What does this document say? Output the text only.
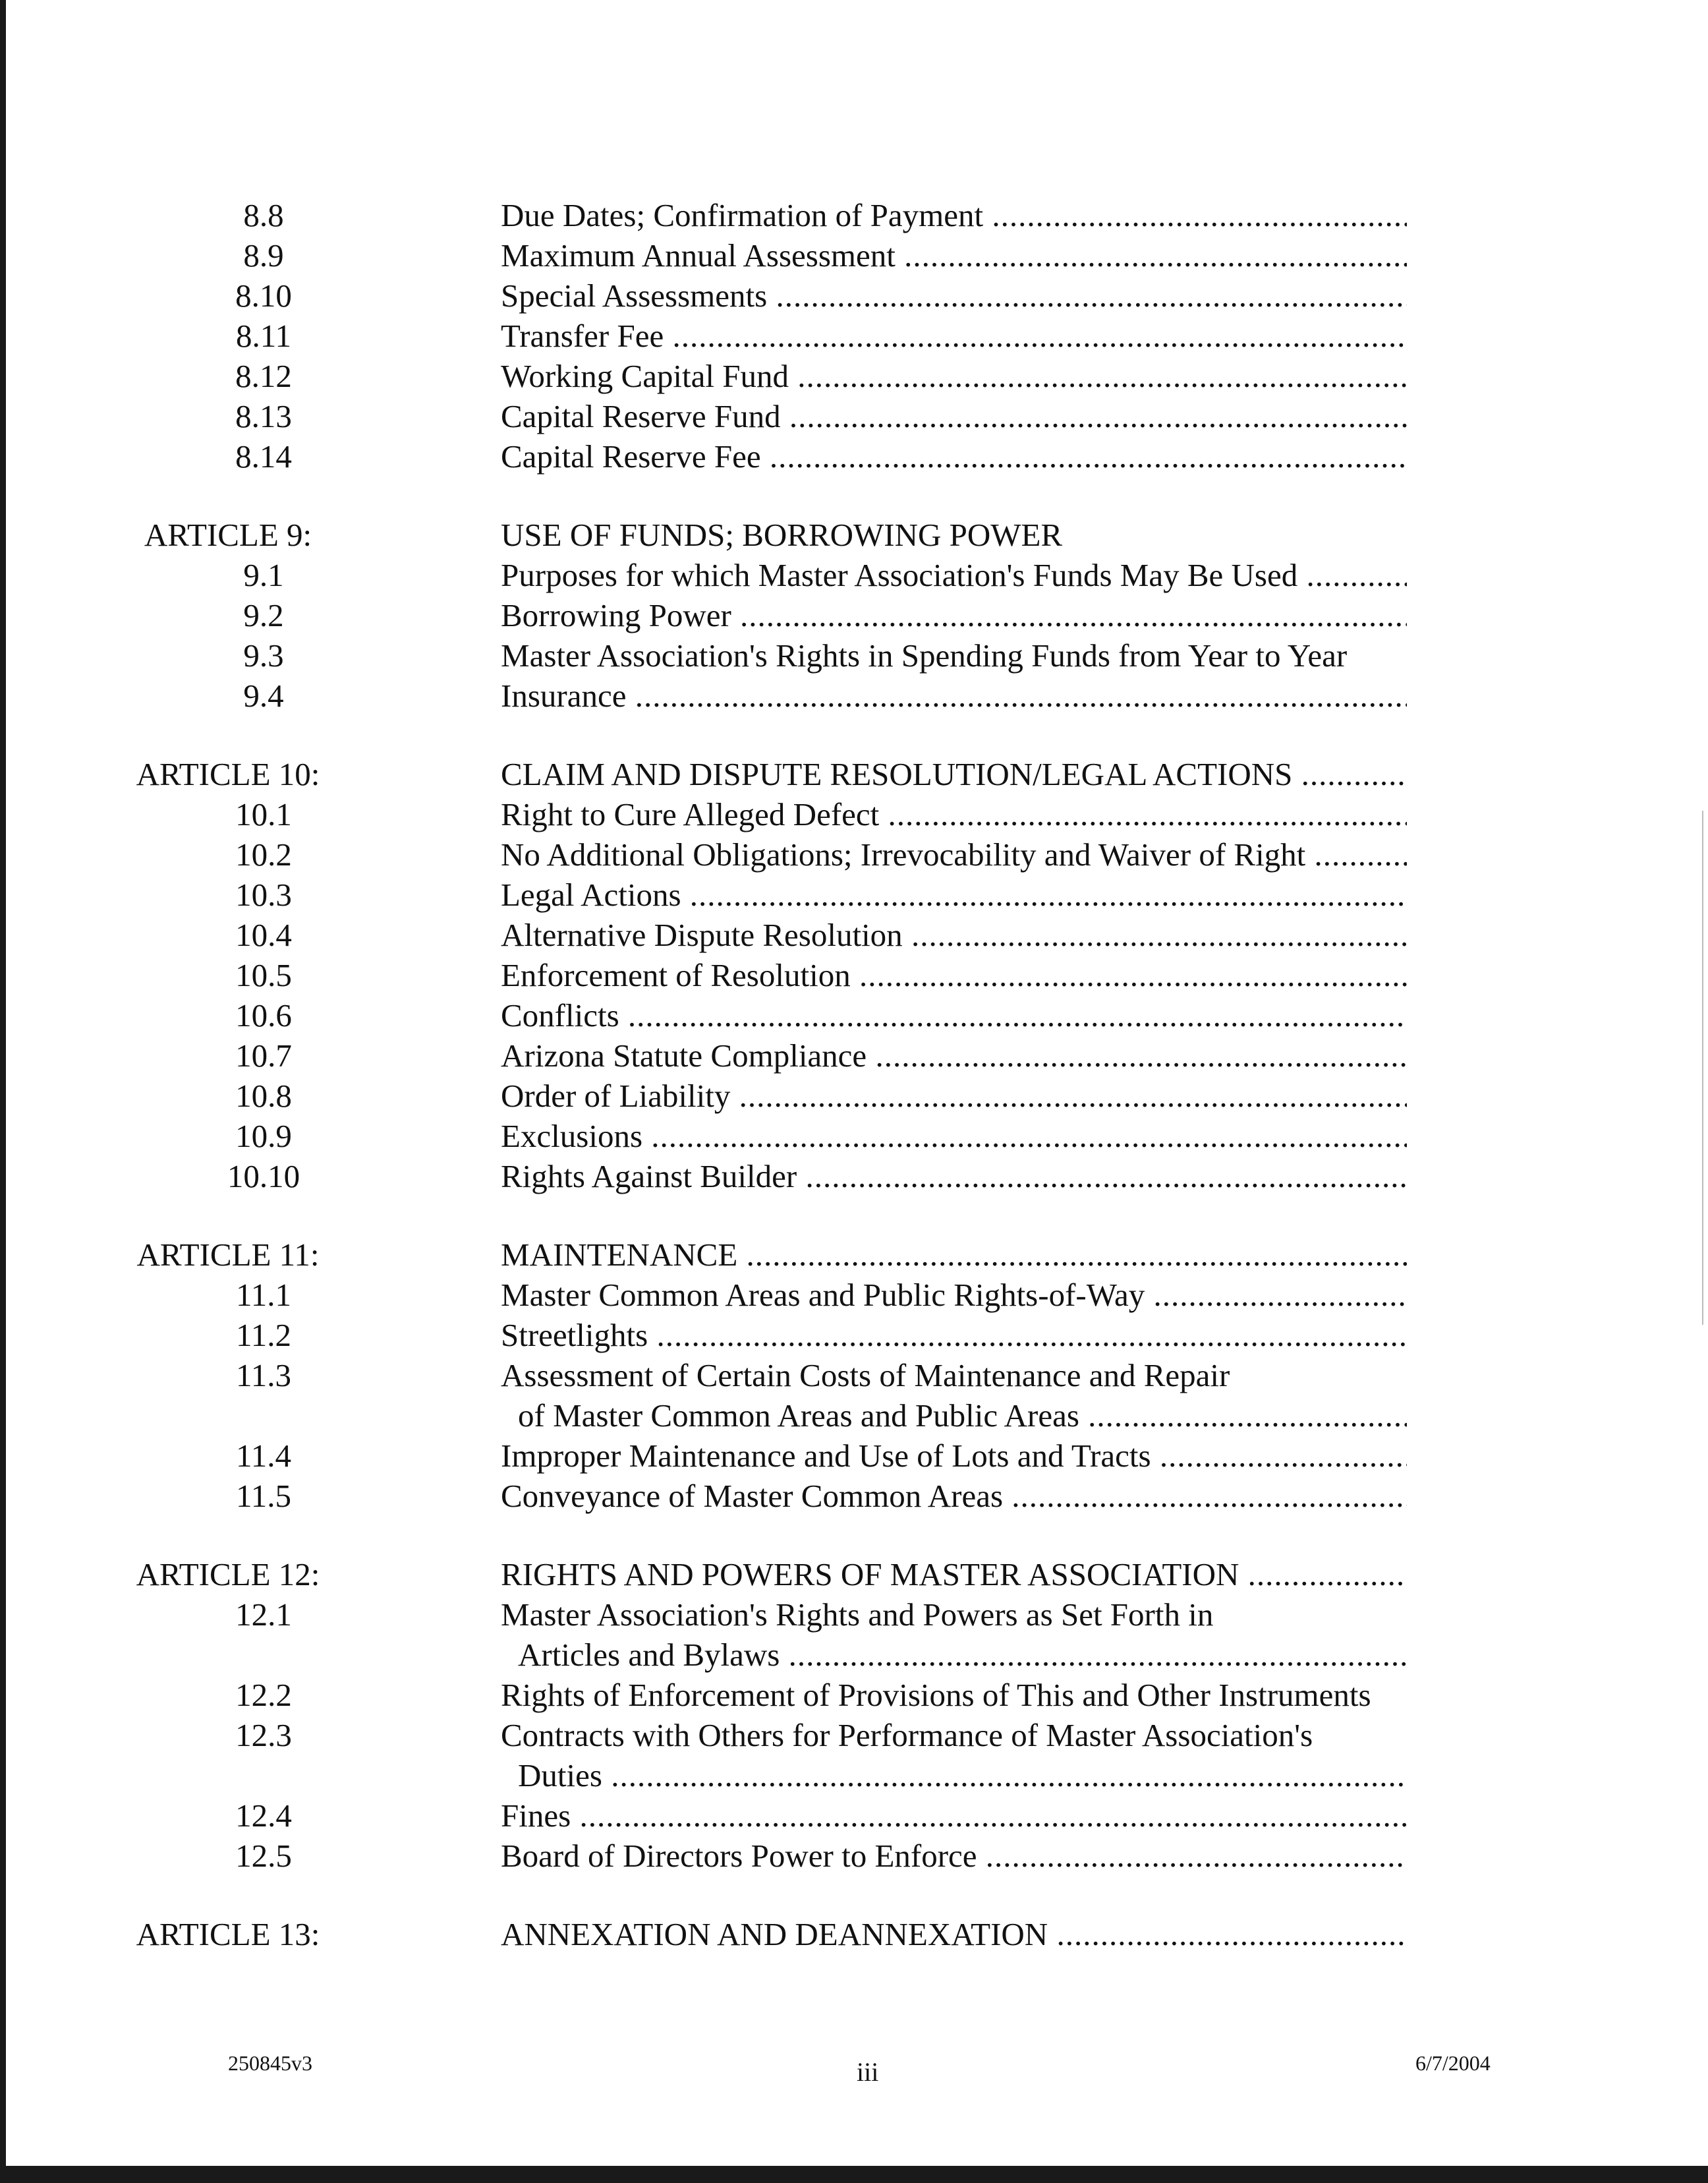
8.8	Due Dates; Confirmation of Payment .....
8.9	Maximum Annual Assessment .....
8.10	Special Assessments .....
8.11	Transfer Fee .....
8.12	Working Capital Fund .....
8.13	Capital Reserve Fund .....
8.14	Capital Reserve Fee .....
ARTICLE 9:	USE OF FUNDS; BORROWING POWER
9.1	Purposes for which Master Association's Funds May Be Used .....
9.2	Borrowing Power .....
9.3	Master Association's Rights in Spending Funds from Year to Year
9.4	Insurance .....
ARTICLE 10:	CLAIM AND DISPUTE RESOLUTION/LEGAL ACTIONS .....
10.1	Right to Cure Alleged Defect .....
10.2	No Additional Obligations; Irrevocability and Waiver of Right .....
10.3	Legal Actions .....
10.4	Alternative Dispute Resolution .....
10.5	Enforcement of Resolution .....
10.6	Conflicts .....
10.7	Arizona Statute Compliance .....
10.8	Order of Liability .....
10.9	Exclusions .....
10.10	Rights Against Builder .....
ARTICLE 11:	MAINTENANCE .....
11.1	Master Common Areas and Public Rights-of-Way .....
11.2	Streetlights .....
11.3	Assessment of Certain Costs of Maintenance and Repair
of Master Common Areas and Public Areas .....
11.4	Improper Maintenance and Use of Lots and Tracts .....
11.5	Conveyance of Master Common Areas .....
ARTICLE 12:	RIGHTS AND POWERS OF MASTER ASSOCIATION .....
12.1	Master Association's Rights and Powers as Set Forth in
Articles and Bylaws .....
12.2	Rights of Enforcement of Provisions of This and Other Instruments
12.3	Contracts with Others for Performance of Master Association's
Duties .....
12.4	Fines .....
12.5	Board of Directors Power to Enforce .....
ARTICLE 13:	ANNEXATION AND DEANNEXATION .....
250845v3	iii	6/7/2004
